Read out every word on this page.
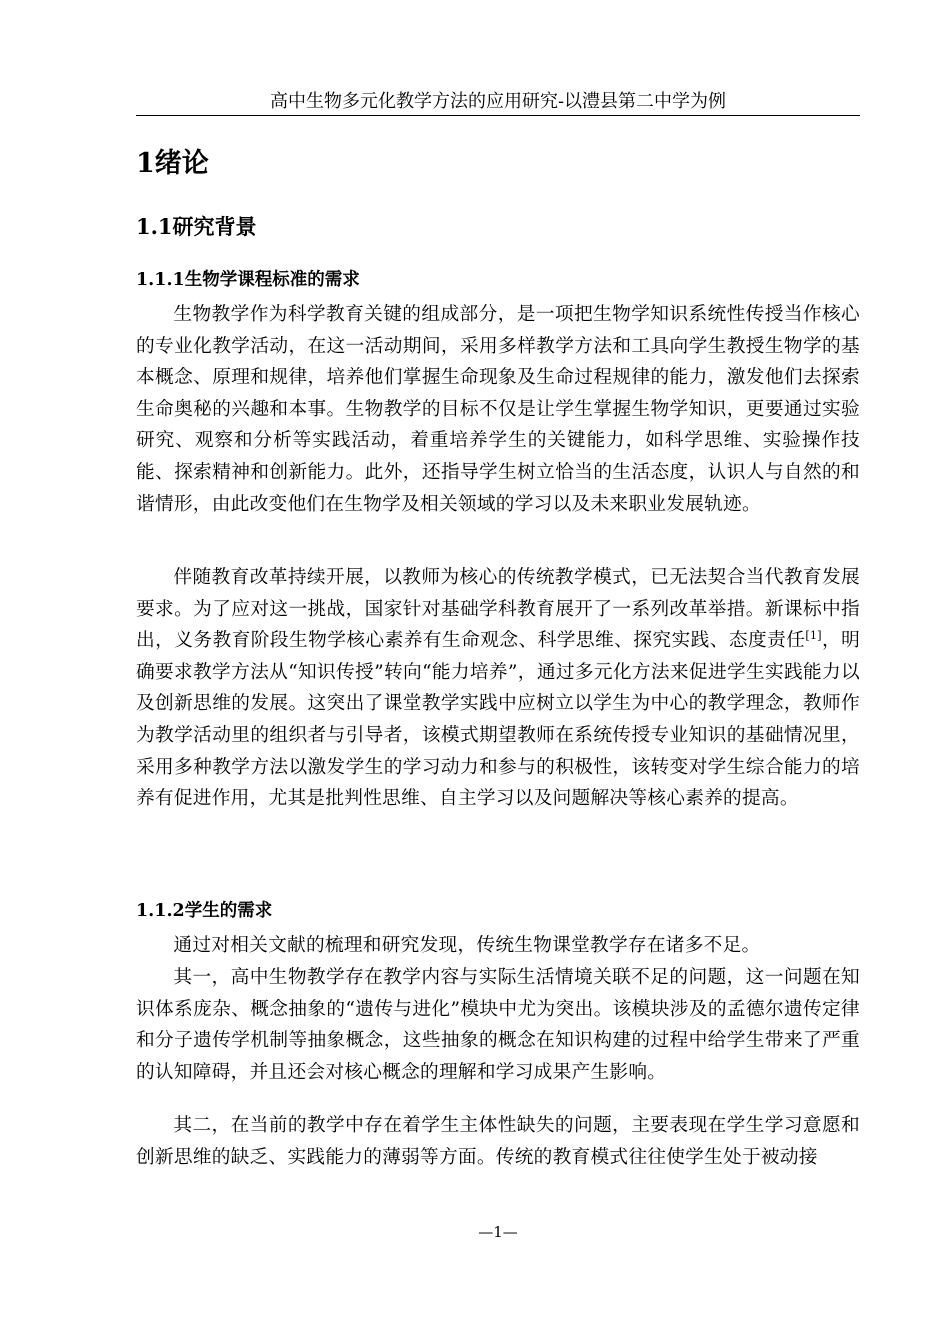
高中生物多元化教学方法的应用研究-以澧县第二中学为例
1绪论
1.1研究背景
1.1.1生物学课程标准的需求

生物教学作为科学教育关键的组成部分，是一项把生物学知识系统性传授当作核心的专业化教学活动，在这一活动期间，采用多样教学方法和工具向学生教授生物学的基本概念、原理和规律，培养他们掌握生命现象及生命过程规律的能力，激发他们去探索生命奥秘的兴趣和本事。生物教学的目标不仅是让学生掌握生物学知识，更要通过实验研究、观察和分析等实践活动，着重培养学生的关键能力，如科学思维、实验操作技能、探索精神和创新能力。此外，还指导学生树立恰当的生活态度，认识人与自然的和谐情形，由此改变他们在生物学及相关领域的学习以及未来职业发展轨迹。

伴随教育改革持续开展，以教师为核心的传统教学模式，已无法契合当代教育发展要求。为了应对这一挑战，国家针对基础学科教育展开了一系列改革举措。新课标中指出，义务教育阶段生物学核心素养有生命观念、科学思维、探究实践、态度责任[1]，明确要求教学方法从“知识传授”转向“能力培养”，通过多元化方法来促进学生实践能力以及创新思维的发展。这突出了课堂教学实践中应树立以学生为中心的教学理念，教师作为教学活动里的组织者与引导者，该模式期望教师在系统传授专业知识的基础情况里，采用多种教学方法以激发学生的学习动力和参与的积极性，该转变对学生综合能力的培养有促进作用，尤其是批判性思维、自主学习以及问题解决等核心素养的提高。

1.1.2学生的需求

通过对相关文献的梳理和研究发现，传统生物课堂教学存在诸多不足。

其一，高中生物教学存在教学内容与实际生活情境关联不足的问题，这一问题在知识体系庞杂、概念抽象的“遗传与进化”模块中尤为突出。该模块涉及的孟德尔遗传定律和分子遗传学机制等抽象概念，这些抽象的概念在知识构建的过程中给学生带来了严重的认知障碍，并且还会对核心概念的理解和学习成果产生影响。

其二，在当前的教学中存在着学生主体性缺失的问题，主要表现在学生学习意愿和创新思维的缺乏、实践能力的薄弱等方面。传统的教育模式往往使学生处于被动接

—1—
